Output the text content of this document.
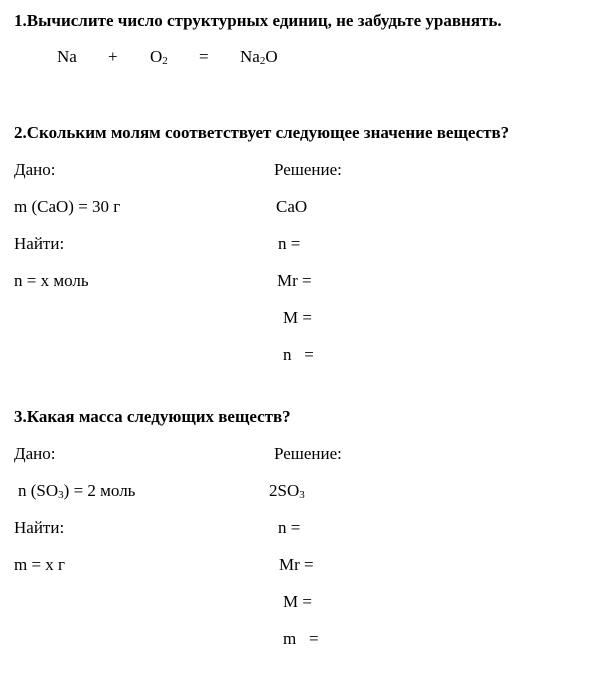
1.Вычислите число структурных единиц, не забудьте уравнять.
$Na + O_2 = Na_2O$
2.Скольким молям соответствует следующее значение веществ?
Дано:
m (CaO) = 30 г
Найти:
n = x моль
Решение:
CaO
n =
Mr =
M =
n   =
3.Какая масса следующих веществ?
Дано:
n $(SO_3) = 2$ моль
Найти:
m = x г
Решение:
$2SO_3$
n =
Mr =
M =
m   =
